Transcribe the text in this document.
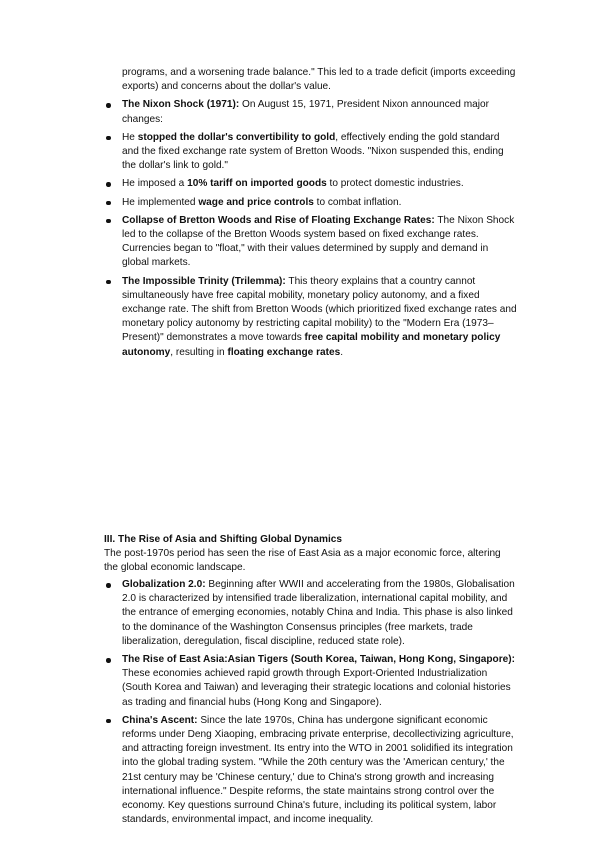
programs, and a worsening trade balance." This led to a trade deficit (imports exceeding exports) and concerns about the dollar's value.
The Nixon Shock (1971): On August 15, 1971, President Nixon announced major changes:
He stopped the dollar's convertibility to gold, effectively ending the gold standard and the fixed exchange rate system of Bretton Woods. "Nixon suspended this, ending the dollar's link to gold."
He imposed a 10% tariff on imported goods to protect domestic industries.
He implemented wage and price controls to combat inflation.
Collapse of Bretton Woods and Rise of Floating Exchange Rates: The Nixon Shock led to the collapse of the Bretton Woods system based on fixed exchange rates. Currencies began to "float," with their values determined by supply and demand in global markets.
The Impossible Trinity (Trilemma): This theory explains that a country cannot simultaneously have free capital mobility, monetary policy autonomy, and a fixed exchange rate. The shift from Bretton Woods (which prioritized fixed exchange rates and monetary policy autonomy by restricting capital mobility) to the "Modern Era (1973–Present)" demonstrates a move towards free capital mobility and monetary policy autonomy, resulting in floating exchange rates.
III. The Rise of Asia and Shifting Global Dynamics
The post-1970s period has seen the rise of East Asia as a major economic force, altering the global economic landscape.
Globalization 2.0: Beginning after WWII and accelerating from the 1980s, Globalisation 2.0 is characterized by intensified trade liberalization, international capital mobility, and the entrance of emerging economies, notably China and India. This phase is also linked to the dominance of the Washington Consensus principles (free markets, trade liberalization, deregulation, fiscal discipline, reduced state role).
The Rise of East Asia:Asian Tigers (South Korea, Taiwan, Hong Kong, Singapore): These economies achieved rapid growth through Export-Oriented Industrialization (South Korea and Taiwan) and leveraging their strategic locations and colonial histories as trading and financial hubs (Hong Kong and Singapore).
China's Ascent: Since the late 1970s, China has undergone significant economic reforms under Deng Xiaoping, embracing private enterprise, decollectivizing agriculture, and attracting foreign investment. Its entry into the WTO in 2001 solidified its integration into the global trading system. "While the 20th century was the 'American century,' the 21st century may be 'Chinese century,' due to China's strong growth and increasing international influence." Despite reforms, the state maintains strong control over the economy. Key questions surround China's future, including its political system, labor standards, environmental impact, and income inequality.
